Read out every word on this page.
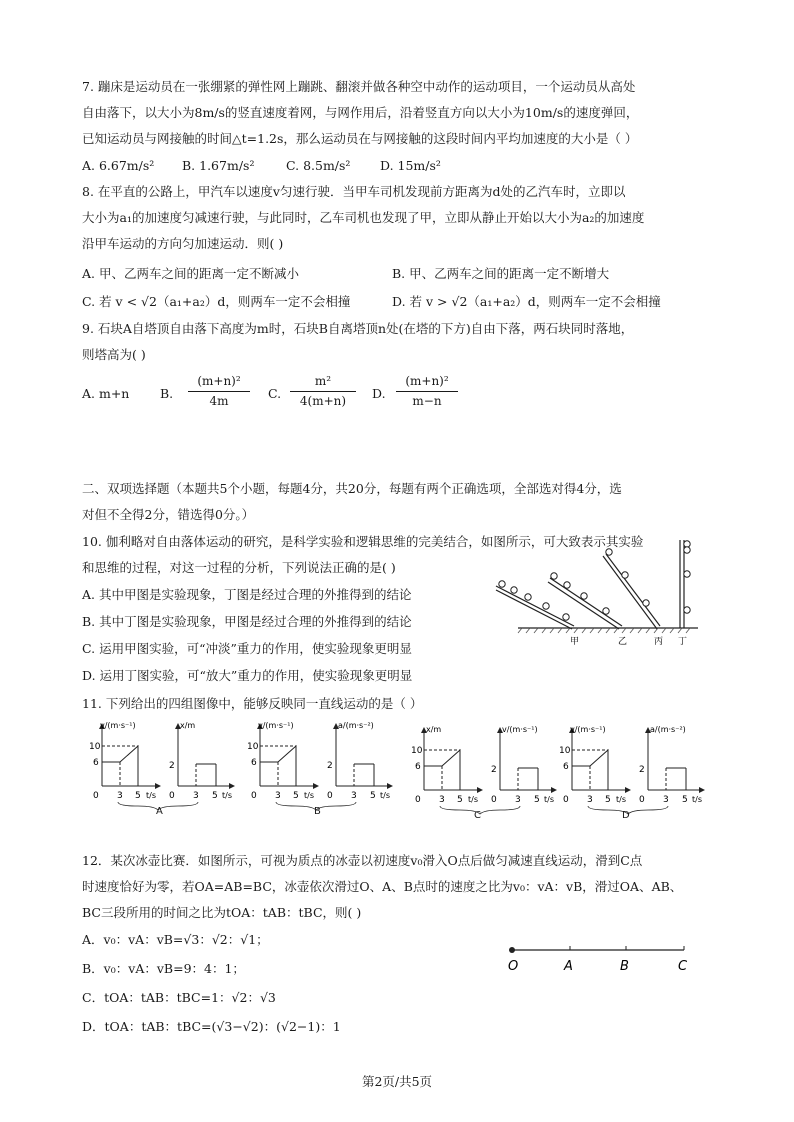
7. 蹦床是运动员在一张绷紧的弹性网上蹦跳、翻滚并做各种空中动作的运动项目，一个运动员从高处
自由落下，以大小为8m/s的竖直速度着网，与网作用后，沿着竖直方向以大小为10m/s的速度弹回，
已知运动员与网接触的时间△t=1.2s，那么运动员在与网接触的这段时间内平均加速度的大小是（ ）
A. 6.67m/s² B. 1.67m/s²	C. 8.5m/s² D. 15m/s²
8. 在平直的公路上，甲汽车以速度v匀速行驶．当甲车司机发现前方距离为d处的乙汽车时，立即以
大小为a₁的加速度匀减速行驶，与此同时，乙车司机也发现了甲，立即从静止开始以大小为a₂的加速度
沿甲车运动的方向匀加速运动．则( )
A. 甲、乙两车之间的距离一定不断减小	B. 甲、乙两车之间的距离一定不断增大
C. 若 v < √2（a₁+a₂）d，则两车一定不会相撞	D. 若 v > √2（a₁+a₂）d，则两车一定不会相撞
9. 石块A自塔顶自由落下高度为m时，石块B自离塔顶n处(在塔的下方)自由下落，两石块同时落地，
则塔高为( )
A. m+n B.
(m+n)²
4m	C.
m²
4(m+n)	D.
(m+n)²
m−n
二、双项选择题（本题共5个小题，每题4分，共20分，每题有两个正确选项，全部选对得4分，选
对但不全得2分，错选得0分。）
10. 伽利略对自由落体运动的研究，是科学实验和逻辑思维的完美结合，如图所示，可大致表示其实验
和思维的过程，对这一过程的分析，下列说法正确的是( )
A. 其中甲图是实验现象，丁图是经过合理的外推得到的结论
B. 其中丁图是实验现象，甲图是经过合理的外推得到的结论
C. 运用甲图实验，可“冲淡”重力的作用，使实验现象更明显
D. 运用丁图实验，可“放大”重力的作用，使实验现象更明显
甲	乙	丙 丁
11. 下列给出的四组图像中，能够反映同一直线运动的是（ ）
v/(m·s⁻¹)
10
6
0 3 5 t/s
x/m
2
0 3 5 t/s
A
v/(m·s⁻¹)
10
6
0 3 5 t/s
a/(m·s⁻²)
2
0 3 5 t/s
B
x/m
10
6
0 3 5 t/s
v/(m·s⁻¹)
2
0 3 5 t/s
C
v/(m·s⁻¹)
10
6
0 3 5 t/s
a/(m·s⁻²)
2
0 3 5 t/s
D
12．某次冰壶比赛．如图所示，可视为质点的冰壶以初速度v₀滑入O点后做匀减速直线运动，滑到C点
时速度恰好为零，若OA=AB=BC，冰壶依次滑过O、A、B点时的速度之比为v₀：vA：vB，滑过OA、AB、
BC三段所用的时间之比为tOA：tAB：tBC，则( )
A．v₀：vA：vB=√3：√2：√1；
B．v₀：vA：vB=9：4：1；
C．tOA：tAB：tBC=1：√2：√3
D．tOA：tAB：tBC=(√3−√2)：(√2−1)：1
O	A	B	C
第2页/共5页
